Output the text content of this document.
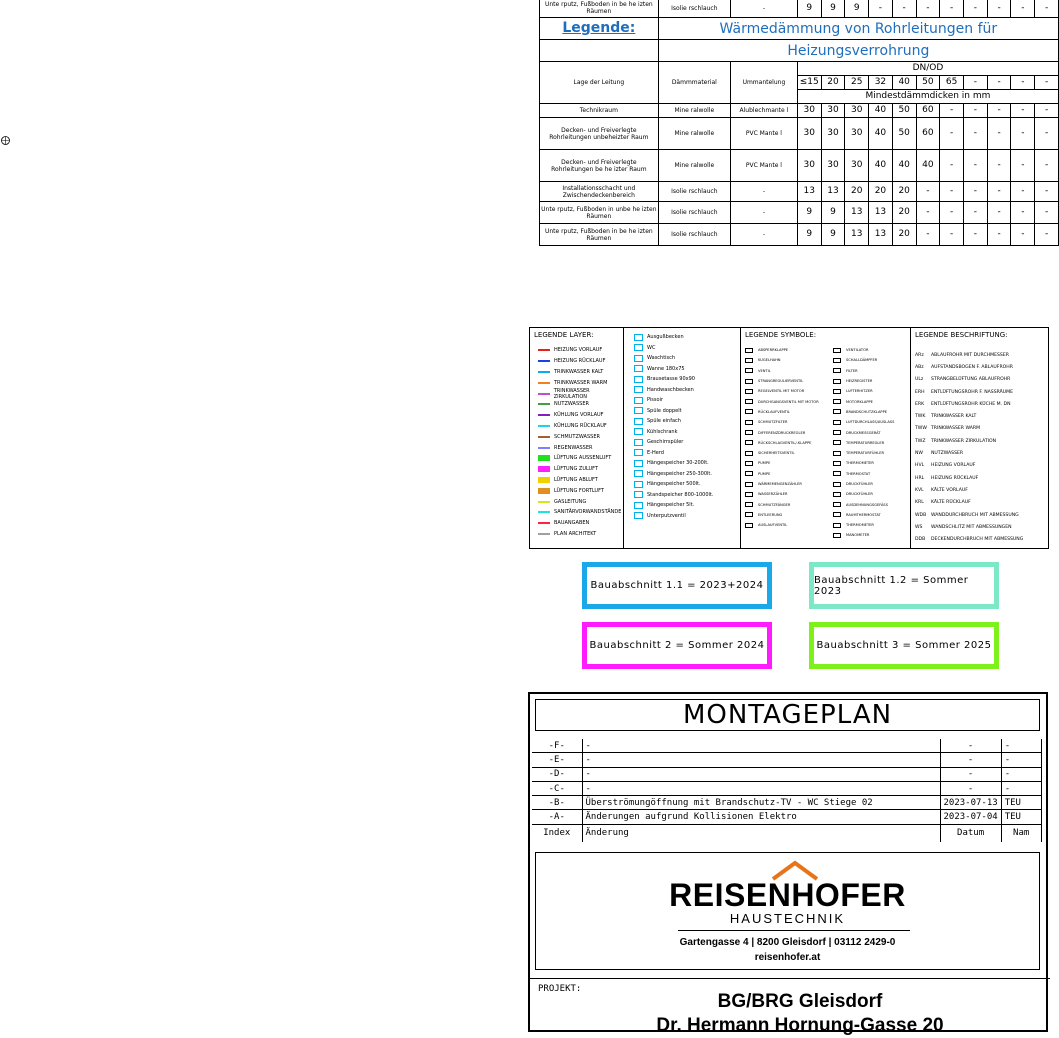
Unte rputz, Fußboden in be he izten Räumen	Isolie rschlauch	-	9	9	9	-	-	-	-	-	-	-	-
Legende:	Wärmedämmung von Rohrleitungen für												
	Heizungsverrohrung												
Lage der Leitung	Dämmmaterial	Ummantelung	DN/OD										
			≤15	20	25	32	40	50	65	-	-	-	-
			Mindestdämmdicken in mm										
Technikraum	Mine ralwolle	Alublechmante l	30	30	30	40	50	60	-	-	-	-	-
Decken- und Freiverlegte Rohrleitungen unbeheizter Raum	Mine ralwolle	PVC Mante l	30	30	30	40	50	60	-	-	-	-	-
Decken- und Freiverlegte Rohrleitungen be he izter Raum	Mine ralwolle	PVC Mante l	30	30	30	40	40	40	-	-	-	-	-
Installationsschacht und Zwischendeckenbereich	Isolie rschlauch	-	13	13	20	20	20	-	-	-	-	-	-
Unte rputz, Fußboden in unbe he izten Räumen	Isolie rschlauch	-	9	9	13	13	20	-	-	-	-	-	-
Unte rputz, Fußboden in be he izten Räumen	Isolie rschlauch	-	9	9	13	13	20	-	-	-	-	-	-
LEGENDE LAYER:
HEIZUNG VORLAUF
HEIZUNG RÜCKLAUF
TRINKWASSER KALT
TRINKWASSER WARM
TRINKWASSER ZIRKULATION
NUTZWASSER
KÜHLUNG VORLAUF
KÜHLUNG RÜCKLAUF
SCHMUTZWASSER
REGENWASSER
LÜFTUNG AUSSENLUFT
LÜFTUNG ZULUFT
LÜFTUNG ABLUFT
LÜFTUNG FORTLUFT
GASLEITUNG
SANITÄRVORWANDSTÄNDE
BAUANGABEN
PLAN ARCHITEKT
Ausgußbecken
WC
Waschtisch
Wanne 180x75
Brausetasse 90x90
Handwaschbecken
Pissoir
Spüle doppelt
Spüle einfach
Kühlschrank
Geschirrspüler
E-Herd
Hängespeicher 30-200lt.
Hängespeicher 250-300lt.
Hängespeicher 500lt.
Standspeicher 800-1000lt.
Hängespeicher 5lt.
Unterputzventil
LEGENDE SYMBOLE:
ABSPERRKLAPPE
KUGELHAHN
VENTIL
STRANGREGULIERVENTIL
REGELVENTIL MIT MOTOR
DURCHGANGSVENTIL MIT MOTOR
RÜCKLAUFVENTIL
SCHMUTZFILTER
DIFFERENZDRUCKREGLER
RÜCKSCHLAGVENTIL/-KLAPPE
SICHERHEITSVENTIL
PUMPE
PUMPE
WÄRMEMENGENZÄHLER
WASSERZÄHLER
SCHMUTZFÄNGER
ENTLEERUNG
AUSLAUFVENTIL
VENTILATOR
SCHALLDÄMPFER
FILTER
HEIZREGISTER
LUFTERHITZER
MOTORKLAPPE
BRANDSCHUTZKLAPPE
LUFTDURCHLASS/AUSLASS
DRUCKMESSGERÄT
TEMPERATURREGLER
TEMPERATURFÜHLER
THERMOMETER
THERMOSTAT
DRUCKFÜHLER
DRUCKFÜHLER
AUSDEHNUNGSGEFÄSS
RAUMTHERMOSTAT
THERMOMETER
MANOMETER
LEGENDE BESCHRIFTUNG:
ARz	ABLAUFROHR MIT DURCHMESSER
ABz	AUFSTANDSBOGEN F. ABLAUFROHR
ULz	STRANGBELÜFTUNG ABLAUFROHR
ERH	ENTLÜFTUNGSROHR F. NASSRÄUME
ERK	ENTLÜFTUNGSROHR KÜCHE M. DN
TWK	TRINKWASSER KALT
TWW TRINKWASSER WARM
TWZ	TRINKWASSER ZIRKULATION
NW	NUTZWASSER
HVL	HEIZUNG VORLAUF
HRL	HEIZUNG RÜCKLAUF
KVL	KÄLTE VORLAUF
KRL	KÄLTE RÜCKLAUF
WDB	WANDDURCHBRUCH MIT ABMESSUNG
WS	WANDSCHLITZ MIT ABMESSUNGEN
DDB	DECKENDURCHBRUCH MIT ABMESSUNG
Bauabschnitt 1.1 = 2023+2024	Bauabschnitt 1.2 = Sommer 2023
Bauabschnitt 2 = Sommer 2024	Bauabschnitt 3 = Sommer 2025
MONTAGEPLAN
-F-	-	-	-
-E-	-	-	-
-D-	-	-	-
-C-	-	-	-
-B-	Überströmungöffnung mit Brandschutz-TV - WC Stiege 02	2023-07-13	TEU
-A-	Änderungen aufgrund Kollisionen Elektro	2023-07-04	TEU
Index	Änderung	Datum	Nam
REISENHOFER
HAUSTECHNIK
Gartengasse 4 | 8200 Gleisdorf | 03112 2429-0
reisenhofer.at
PROJEKT:
BG/BRG Gleisdorf
Dr. Hermann Hornung-Gasse 20
